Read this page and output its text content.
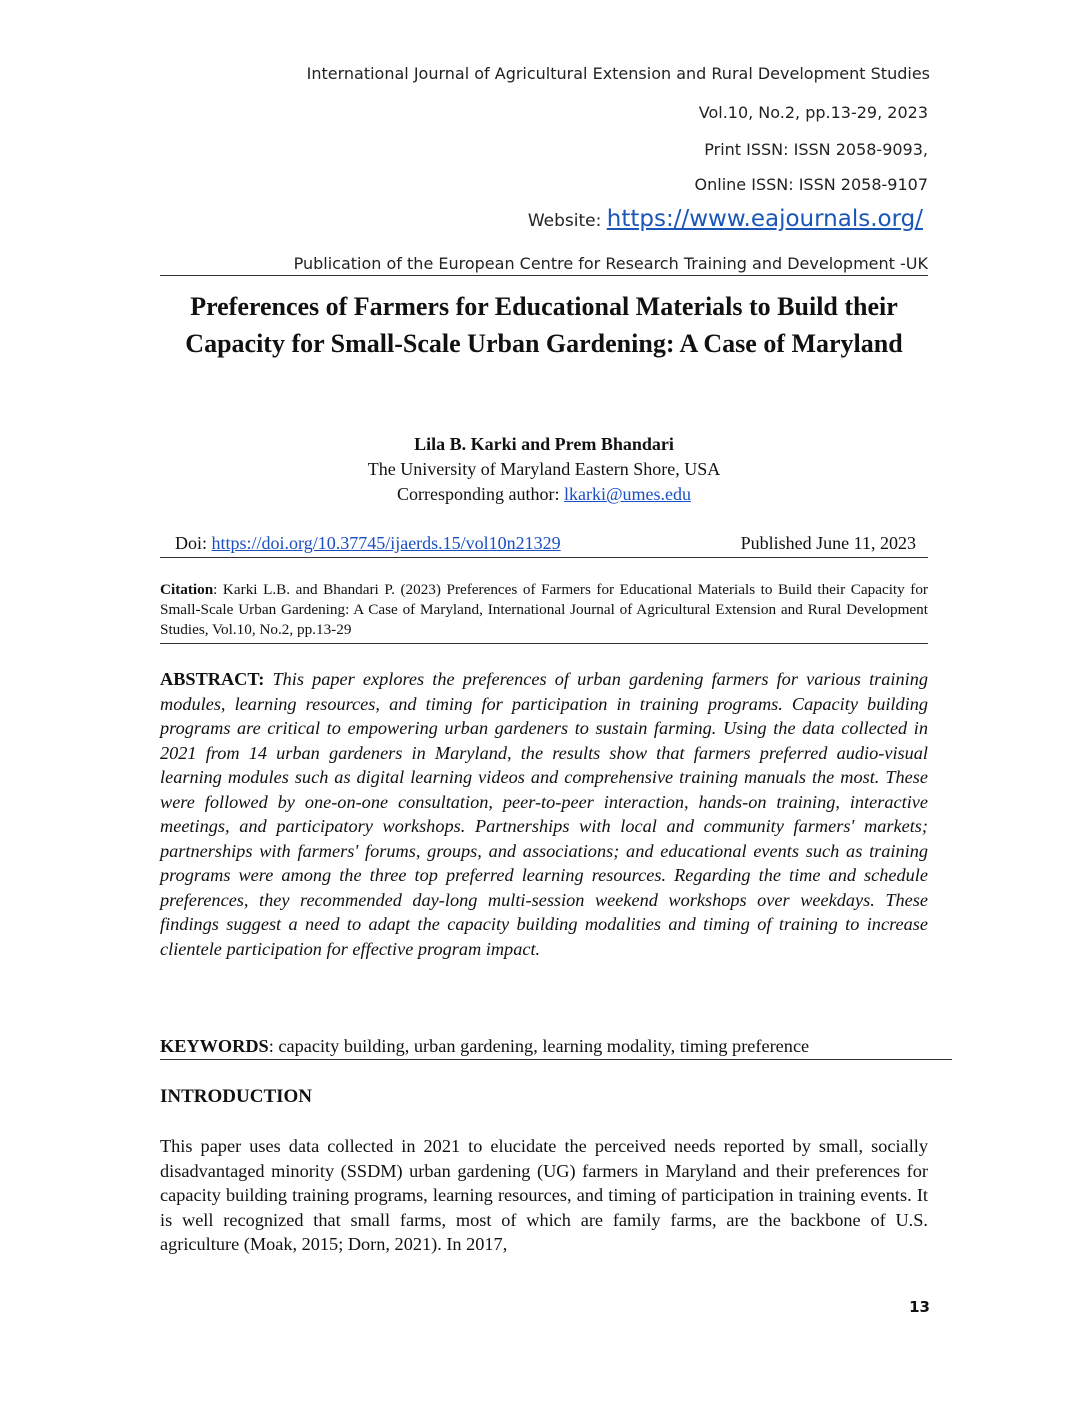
International Journal of Agricultural Extension and Rural Development Studies
Vol.10, No.2, pp.13-29, 2023
Print ISSN: ISSN 2058-9093,
Online ISSN: ISSN 2058-9107
Website: https://www.eajournals.org/
Publication of the European Centre for Research Training and Development -UK
Preferences of Farmers for Educational Materials to Build their Capacity for Small-Scale Urban Gardening: A Case of Maryland
Lila B. Karki and Prem Bhandari
The University of Maryland Eastern Shore, USA
Corresponding author: lkarki@umes.edu
Doi: https://doi.org/10.37745/ijaerds.15/vol10n21329	Published June 11, 2023
Citation: Karki L.B. and Bhandari P. (2023) Preferences of Farmers for Educational Materials to Build their Capacity for Small-Scale Urban Gardening: A Case of Maryland, International Journal of Agricultural Extension and Rural Development Studies, Vol.10, No.2, pp.13-29
ABSTRACT: This paper explores the preferences of urban gardening farmers for various training modules, learning resources, and timing for participation in training programs. Capacity building programs are critical to empowering urban gardeners to sustain farming. Using the data collected in 2021 from 14 urban gardeners in Maryland, the results show that farmers preferred audio-visual learning modules such as digital learning videos and comprehensive training manuals the most. These were followed by one-on-one consultation, peer-to-peer interaction, hands-on training, interactive meetings, and participatory workshops. Partnerships with local and community farmers' markets; partnerships with farmers' forums, groups, and associations; and educational events such as training programs were among the three top preferred learning resources. Regarding the time and schedule preferences, they recommended day-long multi-session weekend workshops over weekdays. These findings suggest a need to adapt the capacity building modalities and timing of training to increase clientele participation for effective program impact.
KEYWORDS: capacity building, urban gardening, learning modality, timing preference
INTRODUCTION
This paper uses data collected in 2021 to elucidate the perceived needs reported by small, socially disadvantaged minority (SSDM) urban gardening (UG) farmers in Maryland and their preferences for capacity building training programs, learning resources, and timing of participation in training events. It is well recognized that small farms, most of which are family farms, are the backbone of U.S. agriculture (Moak, 2015; Dorn, 2021). In 2017,
13
